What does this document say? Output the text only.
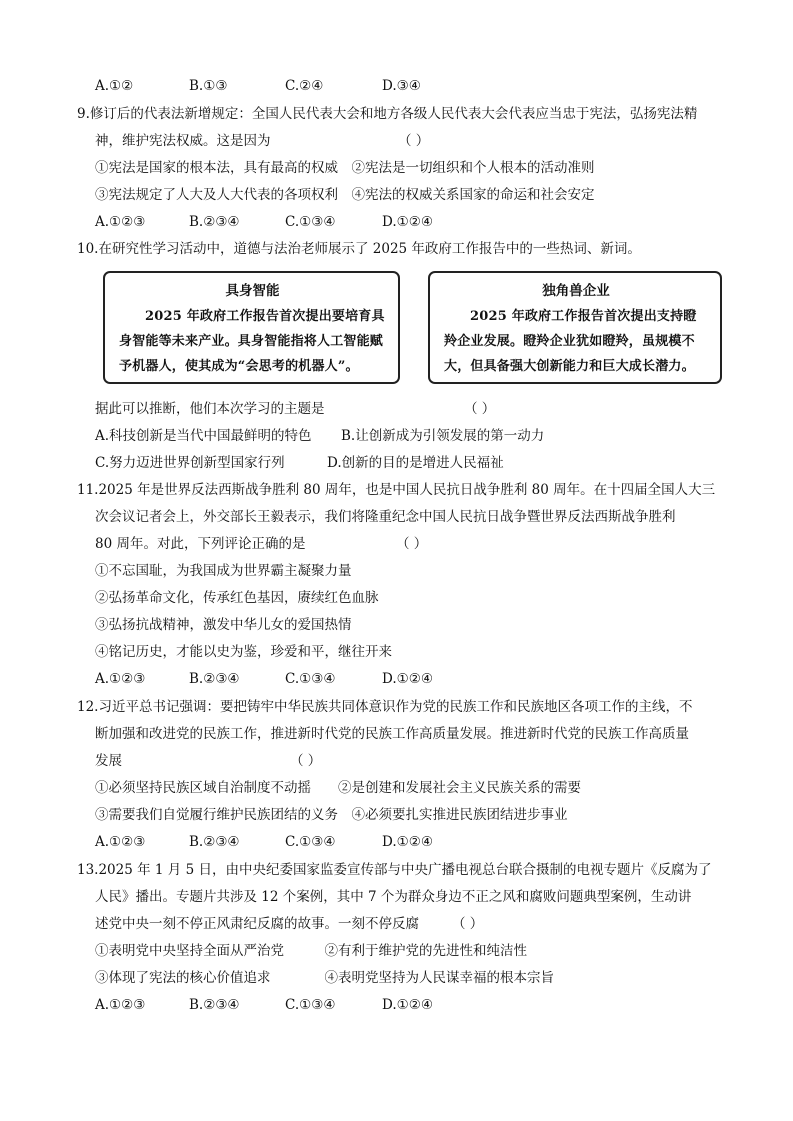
A.①②	B.①③	C.②④	D.③④
9.修订后的代表法新增规定：全国人民代表大会和地方各级人民代表大会代表应当忠于宪法，弘扬宪法精
神，维护宪法权威。这是因为	（ ）
①宪法是国家的根本法，具有最高的权威　②宪法是一切组织和个人根本的活动准则
③宪法规定了人大及人大代表的各项权利　④宪法的权威关系国家的命运和社会安定
A.①②③	B.②③④	C.①③④	D.①②④
10.在研究性学习活动中，道德与法治老师展示了 2025 年政府工作报告中的一些热词、新词。
具身智能
2025 年政府工作报告首次提出要培育具身智能等未来产业。具身智能指将人工智能赋予机器人，使其成为“会思考的机器人”。
独角兽企业
2025 年政府工作报告首次提出支持瞪羚企业发展。瞪羚企业犹如瞪羚，虽规模不大，但具备强大创新能力和巨大成长潜力。
据此可以推断，他们本次学习的主题是	（ ）
A.科技创新是当代中国最鲜明的特色 B.让创新成为引领发展的第一动力
C.努力迈进世界创新型国家行列	D.创新的目的是增进人民福祉
11.2025 年是世界反法西斯战争胜利 80 周年，也是中国人民抗日战争胜利 80 周年。在十四届全国人大三
次会议记者会上，外交部长王毅表示，我们将隆重纪念中国人民抗日战争暨世界反法西斯战争胜利
80 周年。对此，下列评论正确的是	（ ）
①不忘国耻，为我国成为世界霸主凝聚力量
②弘扬革命文化，传承红色基因，赓续红色血脉
③弘扬抗战精神，激发中华儿女的爱国热情
④铭记历史，才能以史为鉴，珍爱和平，继往开来
A.①②③	B.②③④	C.①③④	D.①②④
12.习近平总书记强调：要把铸牢中华民族共同体意识作为党的民族工作和民族地区各项工作的主线，不
断加强和改进党的民族工作，推进新时代党的民族工作高质量发展。推进新时代党的民族工作高质量
发展	（ ）
①必须坚持民族区域自治制度不动摇　　②是创建和发展社会主义民族关系的需要
③需要我们自觉履行维护民族团结的义务　④必须要扎实推进民族团结进步事业
A.①②③	B.②③④	C.①③④	D.①②④
13.2025 年 1 月 5 日，由中央纪委国家监委宣传部与中央广播电视总台联合摄制的电视专题片《反腐为了
人民》播出。专题片共涉及 12 个案例，其中 7 个为群众身边不正之风和腐败问题典型案例，生动讲
述党中央一刻不停正风肃纪反腐的故事。一刻不停反腐 （ ）
①表明党中央坚持全面从严治党　　　②有利于维护党的先进性和纯洁性
③体现了宪法的核心价值追求　　　　④表明党坚持为人民谋幸福的根本宗旨
A.①②③	B.②③④	C.①③④	D.①②④
